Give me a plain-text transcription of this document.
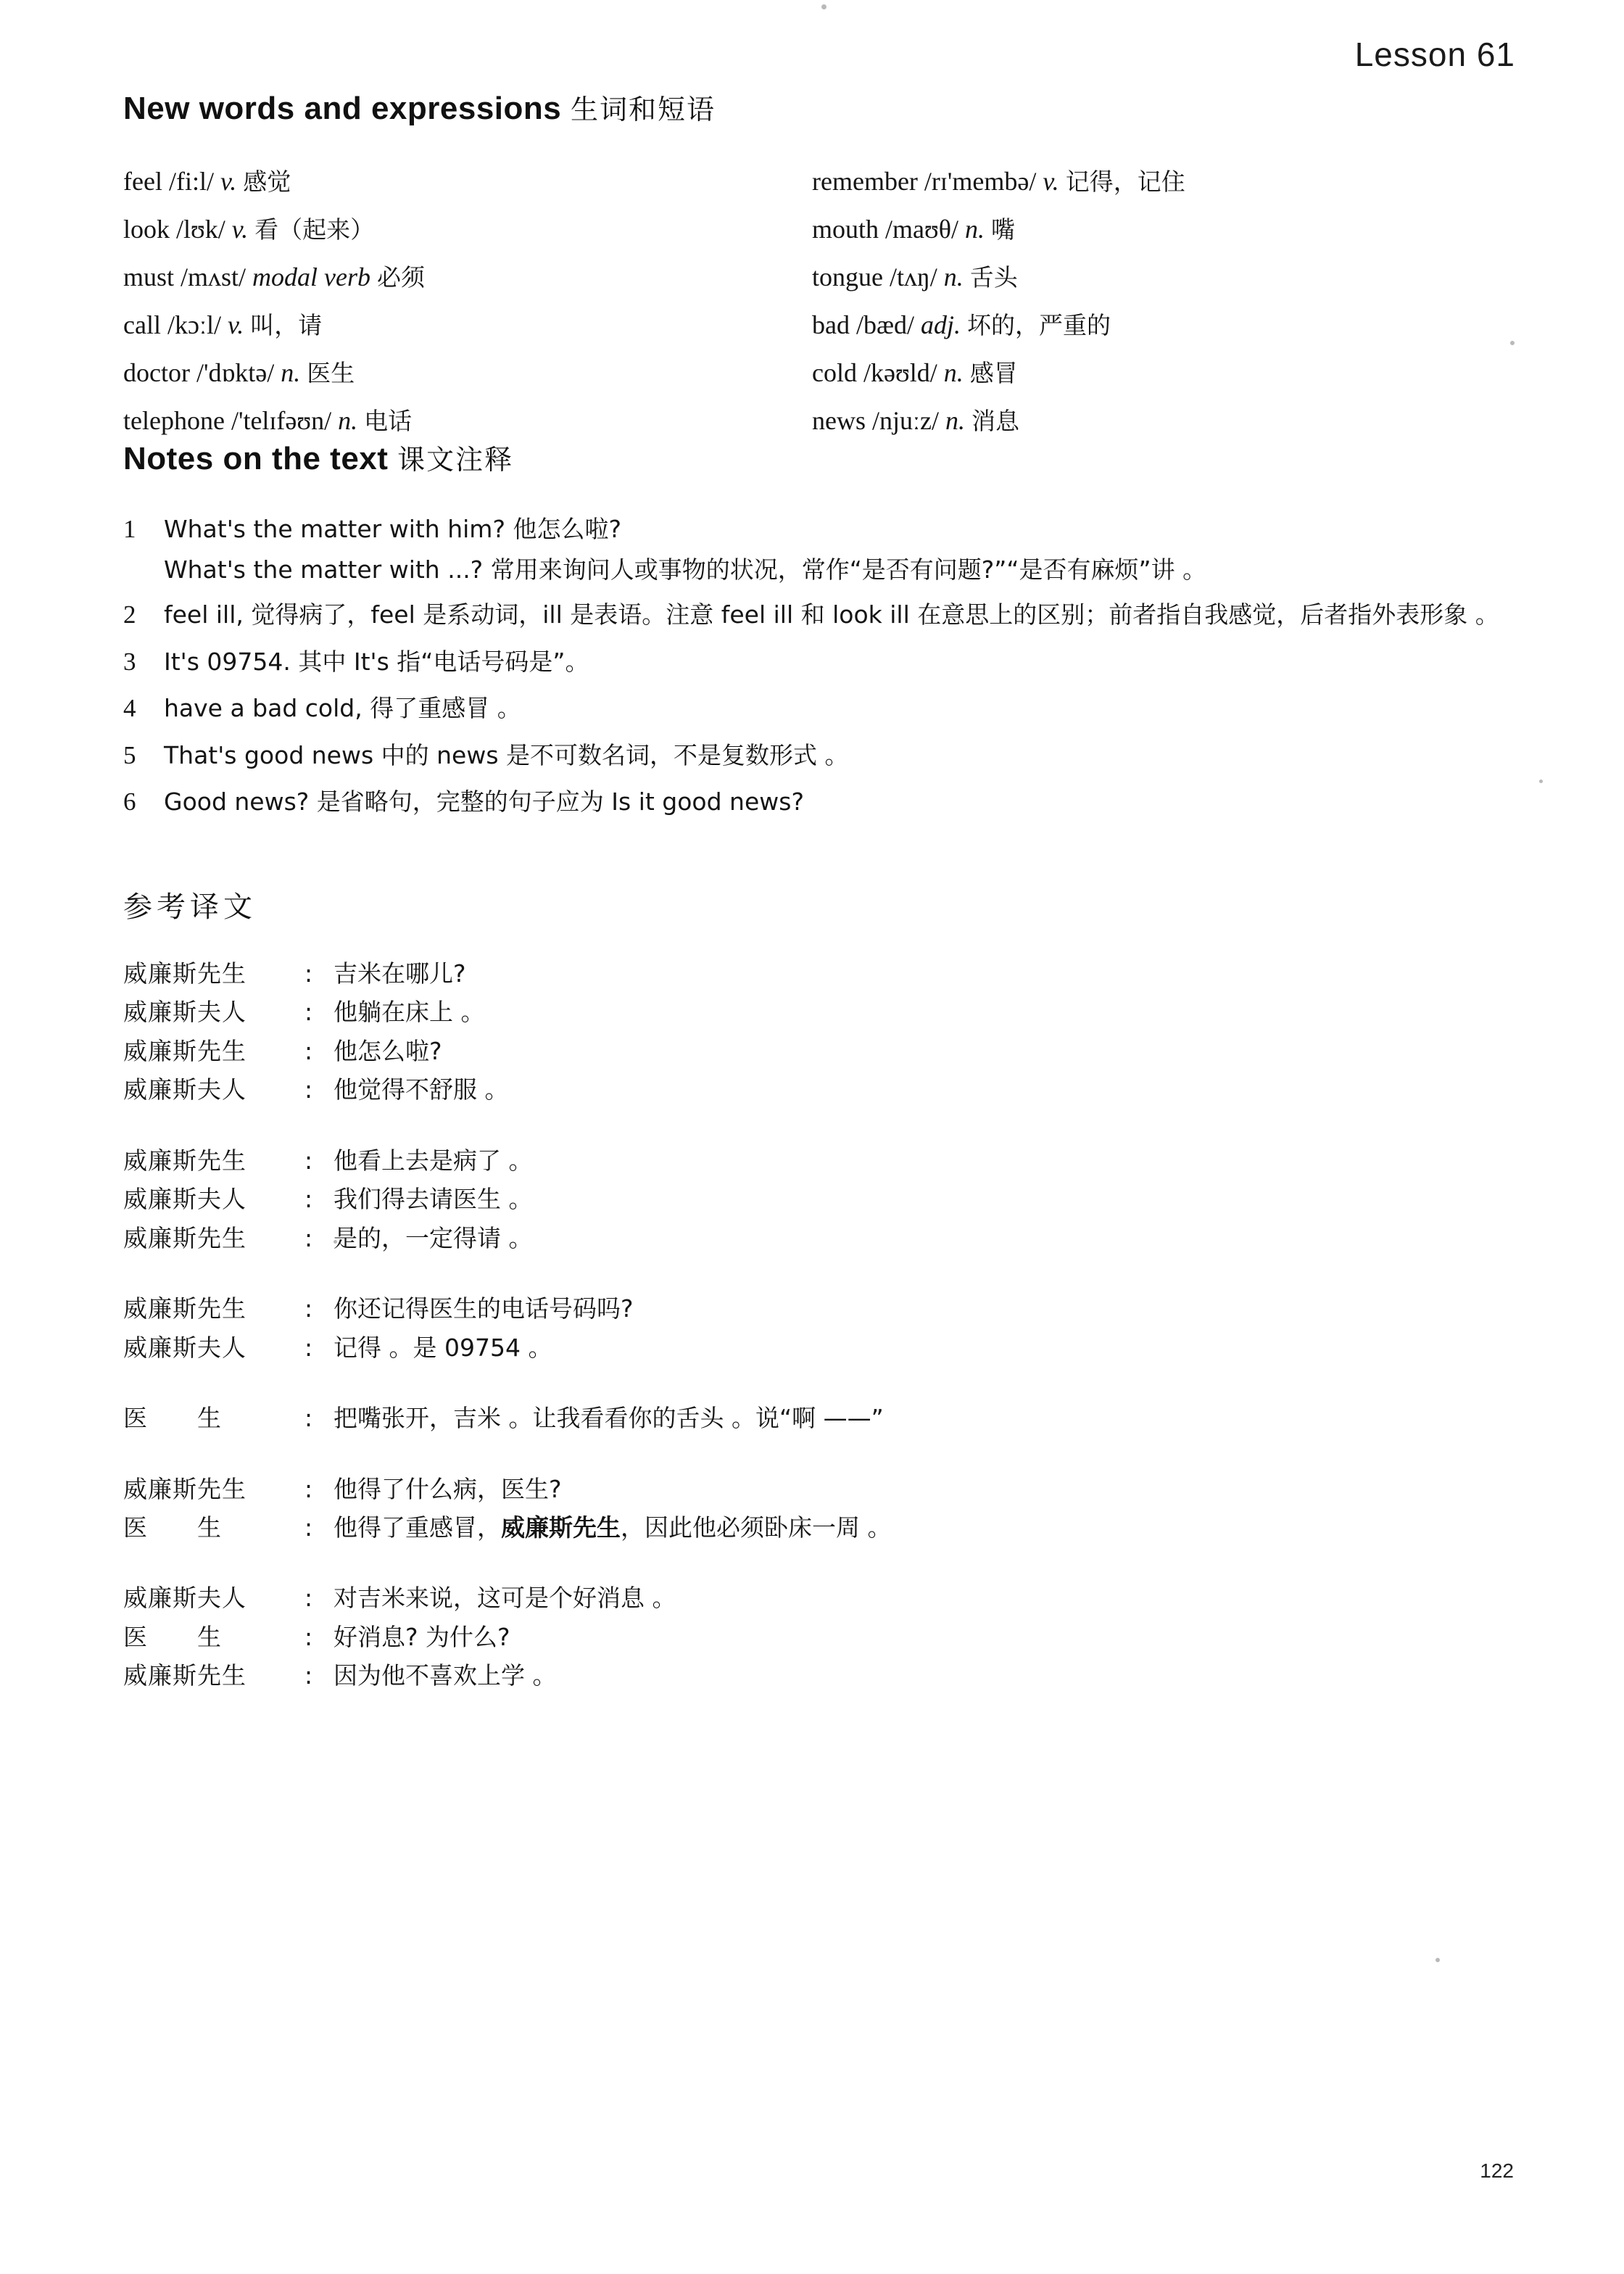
Lesson 61
New words and expressions 生词和短语
feel /fi:l/ v. 感觉	remember /rɪ'membə/ v. 记得，记住
look /lʊk/ v. 看（起来）	mouth /maʊθ/ n. 嘴
must /mʌst/ modal verb 必须	tongue /tʌŋ/ n. 舌头
call /kɔːl/ v. 叫，请	bad /bæd/ adj. 坏的，严重的
doctor /'dɒktə/ n. 医生	cold /kəʊld/ n. 感冒
telephone /'telɪfəʊn/ n. 电话	news /njuːz/ n. 消息
Notes on the text 课文注释
1	What's the matter with him? 他怎么啦?
What's the matter with ...? 常用来询问人或事物的状况，常作“是否有问题?”“是否有麻烦”讲 。
2	feel ill, 觉得病了，feel 是系动词，ill 是表语。注意 feel ill 和 look ill 在意思上的区别；前者指自我感觉，后者指外表形象 。
3	It's 09754. 其中 It's 指“电话号码是”。
4	have a bad cold, 得了重感冒 。
5	That's good news 中的 news 是不可数名词，不是复数形式 。
6	Good news? 是省略句，完整的句子应为 Is it good news?
参考译文
威廉斯先生	: 吉米在哪儿?
威廉斯夫人	: 他躺在床上 。
威廉斯先生	: 他怎么啦?
威廉斯夫人	: 他觉得不舒服 。
威廉斯先生	: 他看上去是病了 。
威廉斯夫人	: 我们得去请医生 。
威廉斯先生	: 是的，一定得请 。
威廉斯先生	: 你还记得医生的电话号码吗?
威廉斯夫人	: 记得 。是 09754 。
医　　生	: 把嘴张开，吉米 。让我看看你的舌头 。说“啊 ——”
威廉斯先生	: 他得了什么病，医生?
医　　生	: 他得了重感冒，威廉斯先生，因此他必须卧床一周 。
威廉斯夫人	: 对吉米来说，这可是个好消息 。
医　　生	: 好消息? 为什么?
威廉斯先生	: 因为他不喜欢上学 。
122
